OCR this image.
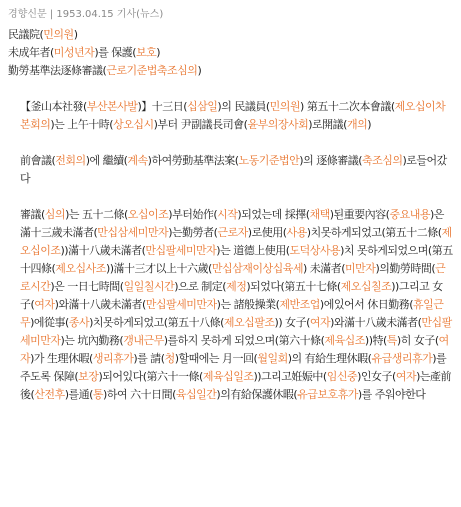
경향신문 | 1953.04.15 기사(뉴스)
民議院(민의원)
未成年者(미성년자)를 保護(보호)
勤勞基準法逐條審議(근로기준법축조심의)

【釜山本社發(부산본사발)】十三日(십삼일)의 民議員(민의원) 第五十二次本會議(제오십이차본회의)는 上午十時(상오십시)부터 尹副議長司會(윤부의장사회)로開議(개의)

前會議(전회의)에 繼續(계속)하여勞動基準法案(노동기준법안)의 逐條審議(축조심의)로들어갔다

審議(심의)는 五十二條(오십이조)부터始作(시작)되었는데 採擇(채택)된重要內容(중요내용)은 滿十三歲未滿者(만십삼세미만자)는勤勞者(근로자)로使用(사용)치못하게되었고(第五十二條(제오십이조))滿十八歲未滿者(만십팔세미만자)는 道德上使用(도덕상사용)치 못하게되었으며(第五十四條(제오십사조))滿十三才以上十六歲(만십삼재이상십육세) 未滿者(미만자)의勤勞時間(근로시간)은 一日七時間(일일칠시간)으로 制定(제정)되었다(第五十七條(제오십칠조))그리고 女子(여자)와滿十八歲未滿者(만십팔세미만자)는 諸般操業(제반조업)에있어서 休日勤務(휴일근무)에從事(종사)치못하게되었고(第五十八條(제오십팔조)) 女子(여자)와滿十八歲未滿者(만십팔세미만자)는 坑內勤務(갱내근무)를하지 못하게 되었으며(第六十條(제육십조))特(특)히 女子(여자)가 生理休暇(생리휴가)를 請(청)할때에는 月一回(월일회)의 有給生理休暇(유급생리휴가)를주도록 保障(보장)되어있다(第六十一條(제육십일조))그리고姙娠中(임신중)인女子(여자)는產前後(산전후)를通(통)하여 六十日間(육십일간)의有給保護休暇(유급보호휴가)를 주워야한다
